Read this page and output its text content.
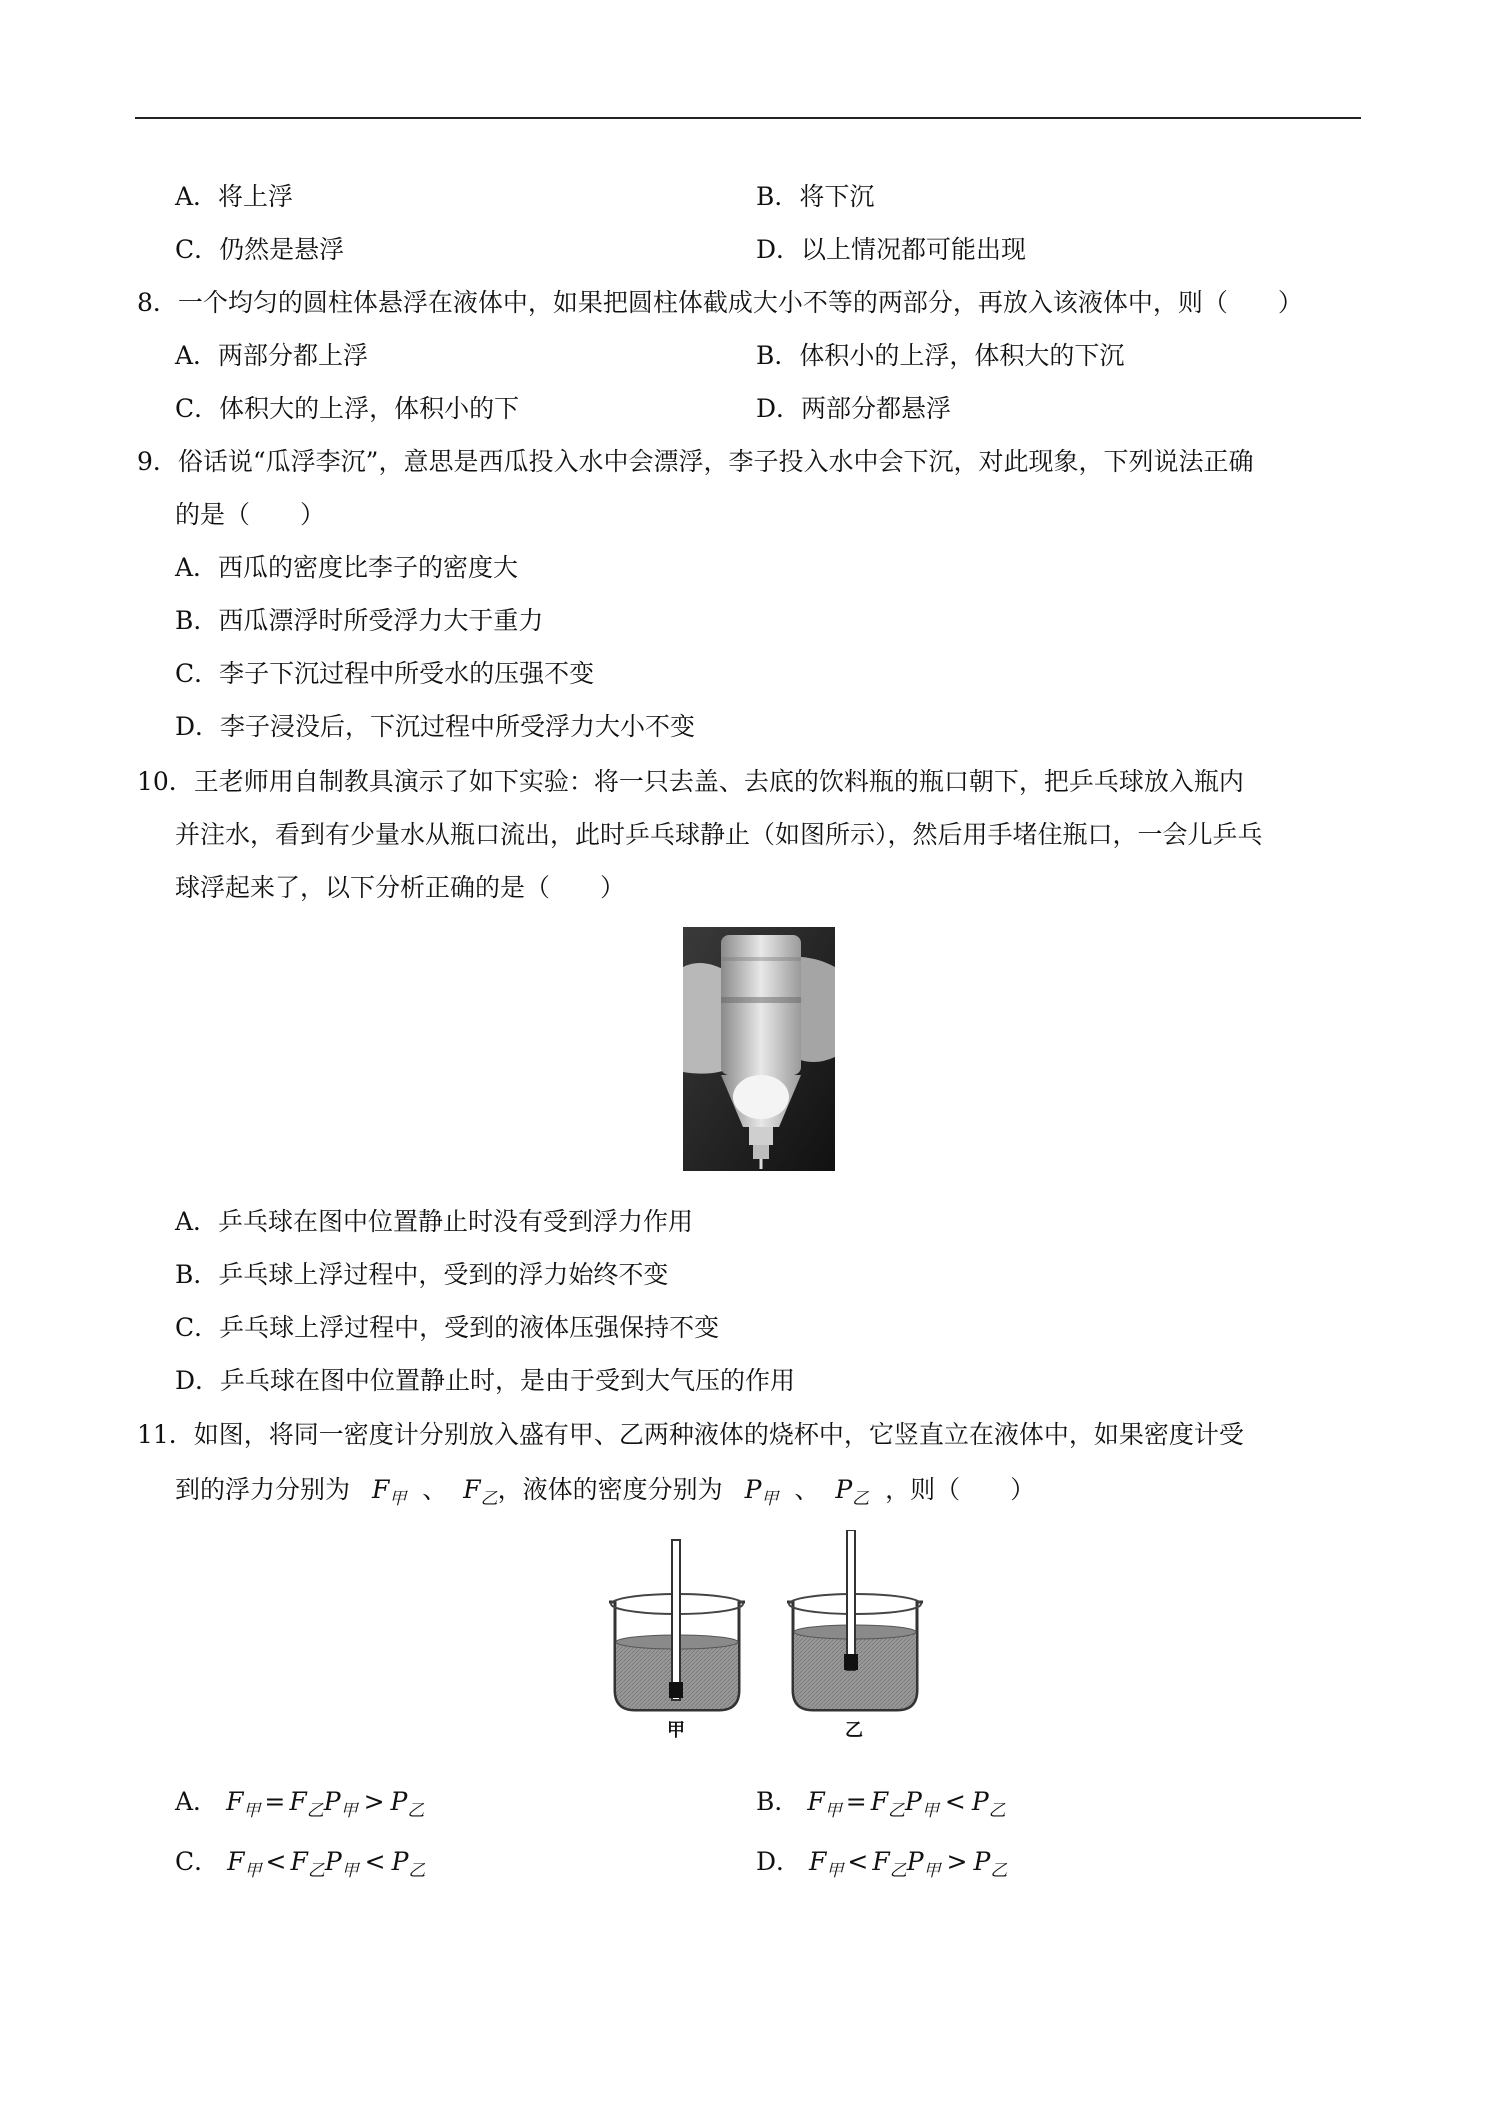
A．将上浮	B．将下沉
C．仍然是悬浮	D．以上情况都可能出现
8．一个均匀的圆柱体悬浮在液体中，如果把圆柱体截成大小不等的两部分，再放入该液体中，则（　　）
A．两部分都上浮	B．体积小的上浮，体积大的下沉
C．体积大的上浮，体积小的下	D．两部分都悬浮
9．俗话说“瓜浮李沉”，意思是西瓜投入水中会漂浮，李子投入水中会下沉，对此现象，下列说法正确
的是（　　）
A．西瓜的密度比李子的密度大
B．西瓜漂浮时所受浮力大于重力
C．李子下沉过程中所受水的压强不变
D．李子浸没后，下沉过程中所受浮力大小不变
10．王老师用自制教具演示了如下实验：将一只去盖、去底的饮料瓶的瓶口朝下，把乒乓球放入瓶内
并注水，看到有少量水从瓶口流出，此时乒乓球静止（如图所示），然后用手堵住瓶口，一会儿乒乓
球浮起来了，以下分析正确的是（　　）
A．乒乓球在图中位置静止时没有受到浮力作用
B．乒乓球上浮过程中，受到的浮力始终不变
C．乒乓球上浮过程中，受到的液体压强保持不变
D．乒乓球在图中位置静止时，是由于受到大气压的作用
11．如图，将同一密度计分别放入盛有甲、乙两种液体的烧杯中，它竖直立在液体中，如果密度计受
到的浮力分别为 $F_甲$ 、 $F_乙$，液体的密度分别为 $P_甲$ 、 $P_乙$ ，则（　　）
甲	乙
A． $F_甲 = F_乙P_甲 > P_乙$	B． $F_甲 = F_乙P_甲 < P_乙$
C． $F_甲 < F_乙P_甲 < P_乙$	D． $F_甲 < F_乙P_甲 > P_乙$
